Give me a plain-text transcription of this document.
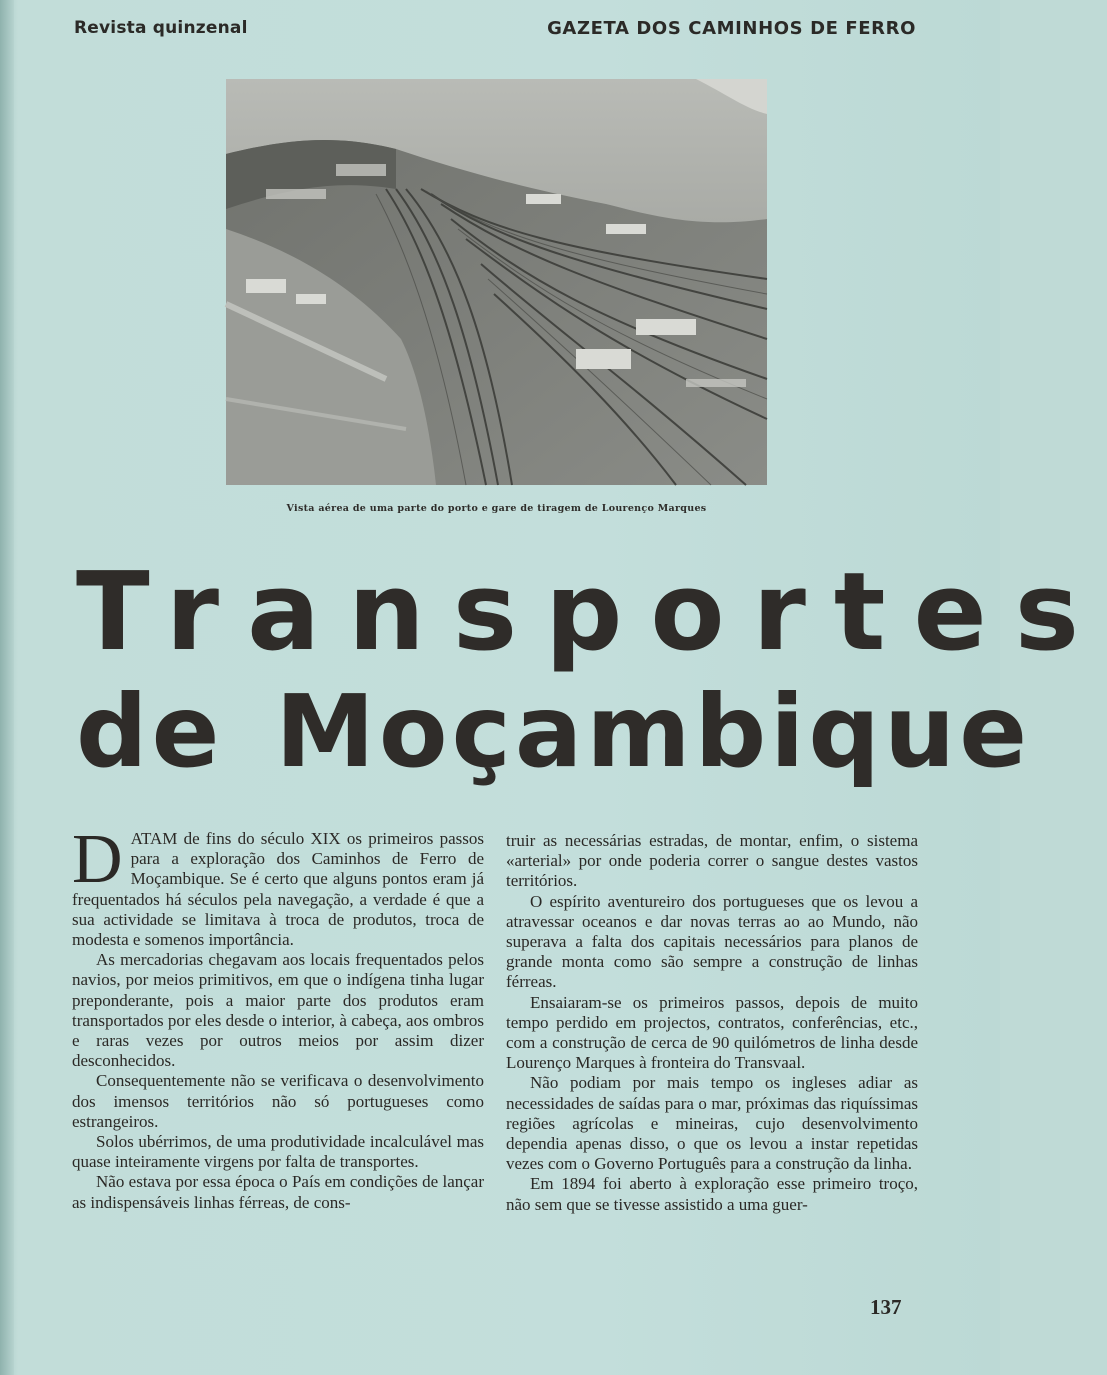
Revista quinzenal	GAZETA DOS CAMINHOS DE FERRO
Vista aérea de uma parte do porto e gare de tiragem de Lourenço Marques
Transportes
de Moçambique

DATAM de fins do século XIX os primeiros passos para a exploração dos Caminhos de Ferro de Moçambique. Se é certo que alguns pontos eram já frequentados há séculos pela navegação, a verdade é que a sua actividade se limitava à troca de produtos, troca de modesta e somenos importância.

As mercadorias chegavam aos locais frequentados pelos navios, por meios primitivos, em que o indígena tinha lugar preponderante, pois a maior parte dos produtos eram transportados por eles desde o interior, à cabeça, aos ombros e raras vezes por outros meios por assim dizer desconhecidos.

Consequentemente não se verificava o desenvolvimento dos imensos territórios não só portugueses como estrangeiros.

Solos ubérrimos, de uma produtividade incalculável mas quase inteiramente virgens por falta de transportes.

Não estava por essa época o País em condições de lançar as indispensáveis linhas férreas, de cons-

truir as necessárias estradas, de montar, enfim, o sistema «arterial» por onde poderia correr o sangue destes vastos territórios.

O espírito aventureiro dos portugueses que os levou a atravessar oceanos e dar novas terras ao ao Mundo, não superava a falta dos capitais necessários para planos de grande monta como são sempre a construção de linhas férreas.

Ensaiaram-se os primeiros passos, depois de muito tempo perdido em projectos, contratos, conferências, etc., com a construção de cerca de 90 quilómetros de linha desde Lourenço Marques à fronteira do Transvaal.

Não podiam por mais tempo os ingleses adiar as necessidades de saídas para o mar, próximas das riquíssimas regiões agrícolas e mineiras, cujo desenvolvimento dependia apenas disso, o que os levou a instar repetidas vezes com o Governo Português para a construção da linha.

Em 1894 foi aberto à exploração esse primeiro troço, não sem que se tivesse assistido a uma guer-

137
